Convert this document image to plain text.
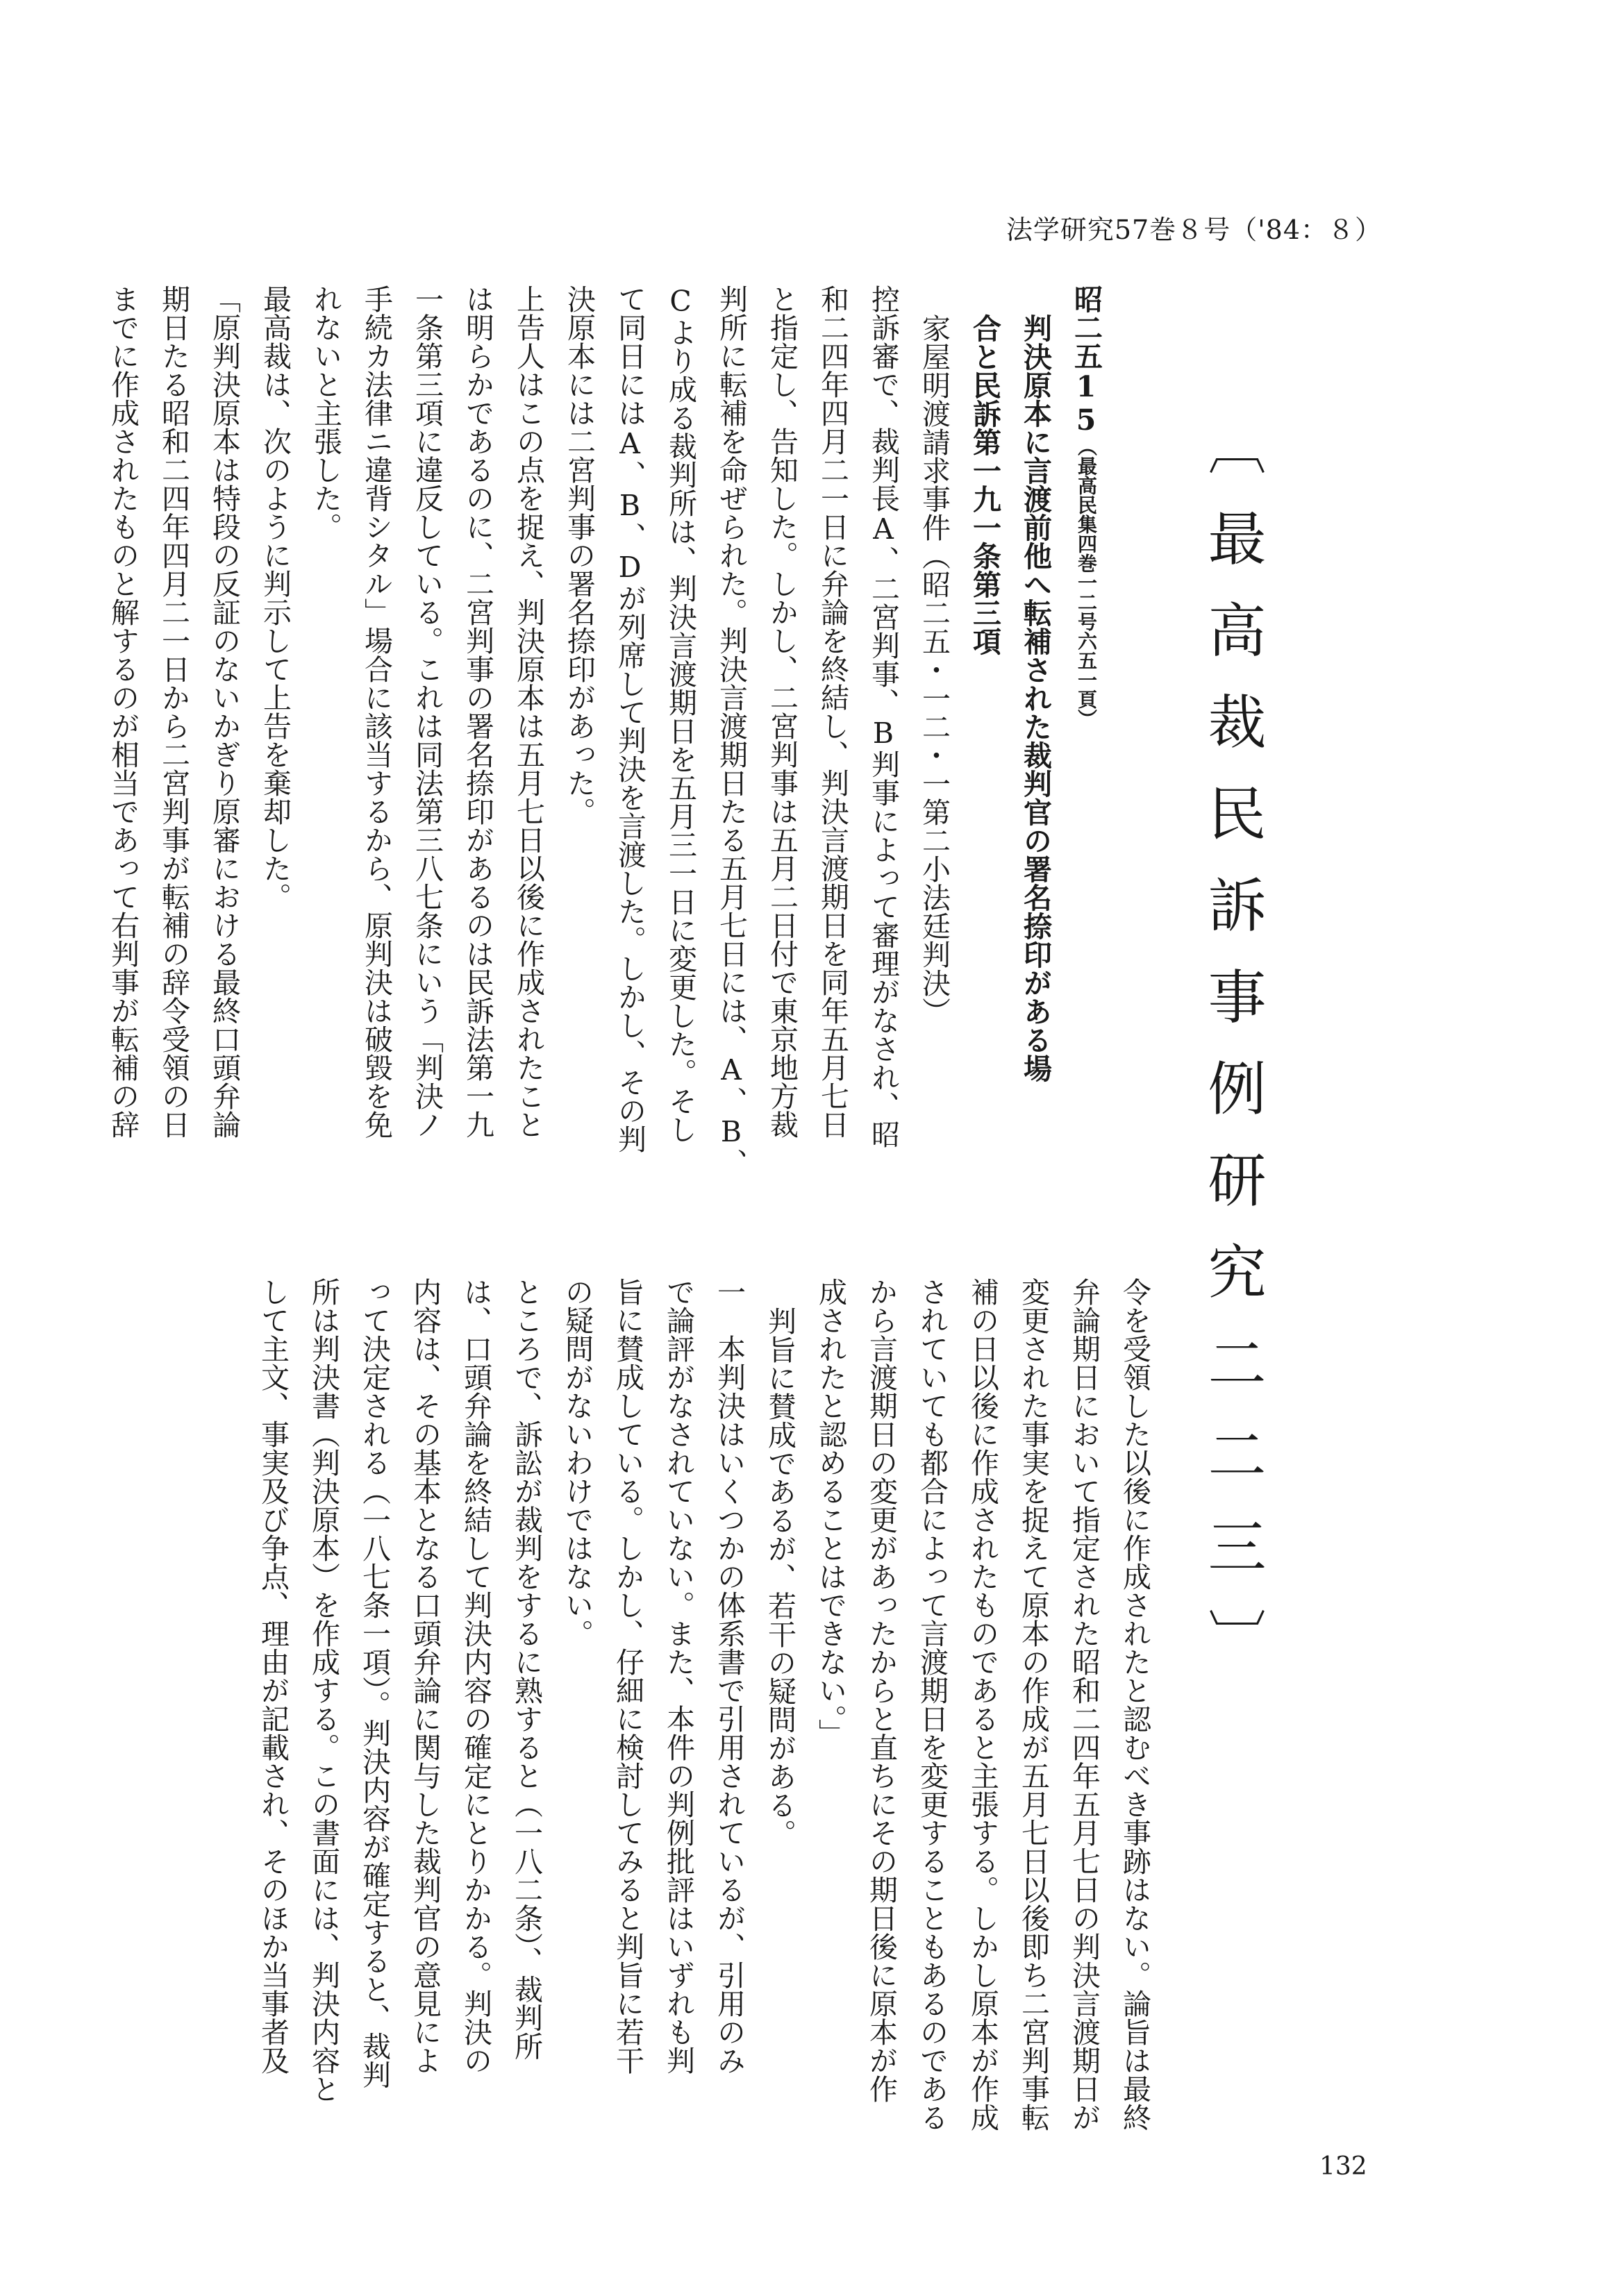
法学研究57巻８号（'84：８）
〔最高裁民訴事例研究二二三〕
昭二五15（最高民集四巻一二号六五一頁）
判決原本に言渡前他へ転補された裁判官の署名捺印がある場
合と民訴第一九一条第三項
家屋明渡請求事件（昭二五・一二・一第二小法廷判決）
控訴審で、裁判長A、二宮判事、B判事によって審理がなされ、昭
和二四年四月二一日に弁論を終結し、判決言渡期日を同年五月七日
と指定し、告知した。しかし、二宮判事は五月二日付で東京地方裁
判所に転補を命ぜられた。判決言渡期日たる五月七日には、A、B、
Cより成る裁判所は、判決言渡期日を五月三一日に変更した。そし
て同日にはA、B、Dが列席して判決を言渡した。しかし、その判
決原本には二宮判事の署名捺印があった。
上告人はこの点を捉え、判決原本は五月七日以後に作成されたこと
は明らかであるのに、二宮判事の署名捺印があるのは民訴法第一九
一条第三項に違反している。これは同法第三八七条にいう「判決ノ
手続カ法律ニ違背シタル」場合に該当するから、原判決は破毀を免
れないと主張した。
最高裁は、次のように判示して上告を棄却した。
「原判決原本は特段の反証のないかぎり原審における最終口頭弁論
期日たる昭和二四年四月二一日から二宮判事が転補の辞令受領の日
までに作成されたものと解するのが相当であって右判事が転補の辞
令を受領した以後に作成されたと認むべき事跡はない。論旨は最終
弁論期日において指定された昭和二四年五月七日の判決言渡期日が
変更された事実を捉えて原本の作成が五月七日以後即ち二宮判事転
補の日以後に作成されたものであると主張する。しかし原本が作成
されていても都合によって言渡期日を変更することもあるのである
から言渡期日の変更があったからと直ちにその期日後に原本が作
成されたと認めることはできない。」
判旨に賛成であるが、若干の疑問がある。
一　本判決はいくつかの体系書で引用されているが、引用のみ
で論評がなされていない。また、本件の判例批評はいずれも判
旨に賛成している。しかし、仔細に検討してみると判旨に若干
の疑問がないわけではない。
ところで、訴訟が裁判をするに熟すると（一八二条）、裁判所
は、口頭弁論を終結して判決内容の確定にとりかかる。判決の
内容は、その基本となる口頭弁論に関与した裁判官の意見によ
って決定される（一八七条一項）。判決内容が確定すると、裁判
所は判決書（判決原本）を作成する。この書面には、判決内容と
して主文、事実及び争点、理由が記載され、そのほか当事者及
132
